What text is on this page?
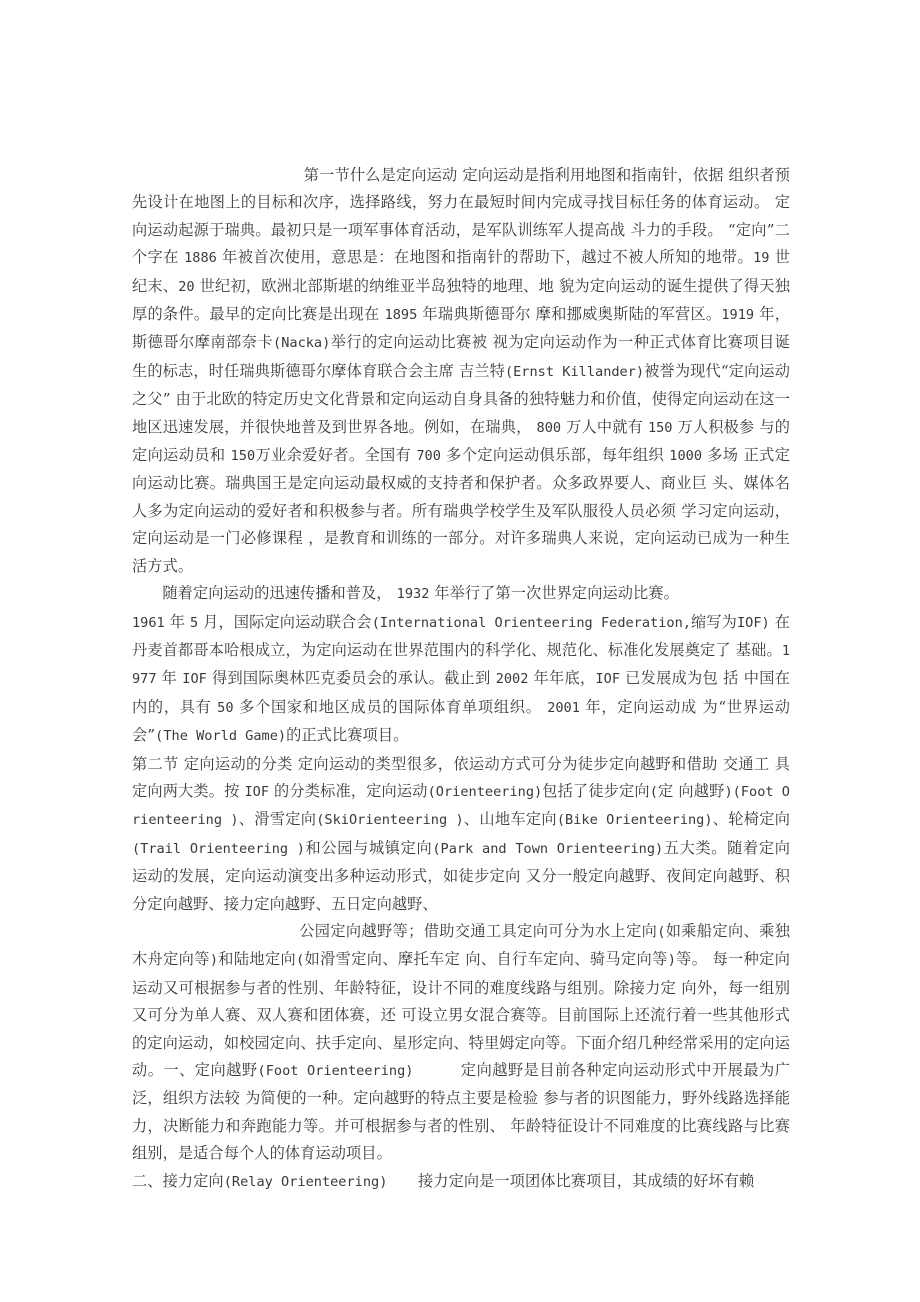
第一节什么是定向运动 定向运动是指利用地图和指南针，依据 组织者预先设计在地图上的目标和次序，选择路线，努力在最短时间内完成寻找目标任务的体育运动。 定向运动起源于瑞典。最初只是一项军事体育活动，是军队训练军人提高战 斗力的手段。 “定向”二个字在 1886 年被首次使用，意思是：在地图和指南针的帮助下，越过不被人所知的地带。19 世纪末、20 世纪初，欧洲北部斯堪的纳维亚半岛独特的地理、地 貌为定向运动的诞生提供了得天独厚的条件。最早的定向比赛是出现在 1895 年瑞典斯德哥尔 摩和挪威奥斯陆的军营区。1919 年，斯德哥尔摩南部奈卡(Nacka)举行的定向运动比赛被 视为定向运动作为一种正式体育比赛项目诞生的标志，时任瑞典斯德哥尔摩体育联合会主席 吉兰特(Ernst Killander)被誉为现代“定向运动之父” 由于北欧的特定历史文化背景和定向运动自身具备的独特魅力和价值，使得定向运动在这一 地区迅速发展，并很快地普及到世界各地。例如，在瑞典， 800 万人中就有 150 万人积极参 与的定向运动员和 150万业余爱好者。全国有 700 多个定向运动俱乐部，每年组织 1000 多场 正式定向运动比赛。瑞典国王是定向运动最权威的支持者和保护者。众多政界要人、商业巨 头、媒体名人多为定向运动的爱好者和积极参与者。所有瑞典学校学生及军队服役人员必须 学习定向运动，定向运动是一门必修课程 ，是教育和训练的一部分。对许多瑞典人来说，定向运动已成为一种生活方式。

随着定向运动的迅速传播和普及， 1932 年举行了第一次世界定向运动比赛。

1961 年 5 月，国际定向运动联合会(International Orienteering Federation,缩写为IOF) 在丹麦首都哥本哈根成立，为定向运动在世界范围内的科学化、规范化、标准化发展奠定了 基础。1977 年 IOF 得到国际奥林匹克委员会的承认。截止到 2002 年年底，IOF 已发展成为包 括 中国在内的，具有 50 多个国家和地区成员的国际体育单项组织。 2001 年，定向运动成 为“世界运动会”(The World Game)的正式比赛项目。

第二节 定向运动的分类 定向运动的类型很多，依运动方式可分为徒步定向越野和借助 交通工 具定向两大类。按 IOF 的分类标准，定向运动(Orienteering)包括了徒步定向(定 向越野)(Foot Orienteering )、滑雪定向(SkiOrienteering )、山地车定向(Bike Orienteering)、轮椅定向(Trail Orienteering )和公园与城镇定向(Park and Town Orienteering)五大类。随着定向运动的发展，定向运动演变出多种运动形式，如徒步定向 又分一般定向越野、夜间定向越野、积分定向越野、接力定向越野、五日定向越野、

公园定向越野等；借助交通工具定向可分为水上定向(如乘船定向、乘独木舟定向等)和陆地定向(如滑雪定向、摩托车定 向、自行车定向、骑马定向等)等。 每一种定向运动又可根据参与者的性别、年龄特征，设计不同的难度线路与组别。除接力定 向外，每一组别又可分为单人赛、双人赛和团体赛，还 可设立男女混合赛等。目前国际上还流行着一些其他形式的定向运动，如校园定向、扶手定向、星形定向、特里姆定向等。下面介绍几种经常采用的定向运动。一、定向越野(Foot Orienteering)　　　定向越野是目前各种定向运动形式中开展最为广泛，组织方法较 为简便的一种。定向越野的特点主要是检验 参与者的识图能力，野外线路选择能力，决断能力和奔跑能力等。并可根据参与者的性别、 年龄特征设计不同难度的比赛线路与比赛组别，是适合每个人的体育运动项目。

二、接力定向(Relay Orienteering)　　接力定向是一项团体比赛项目，其成绩的好坏有赖
